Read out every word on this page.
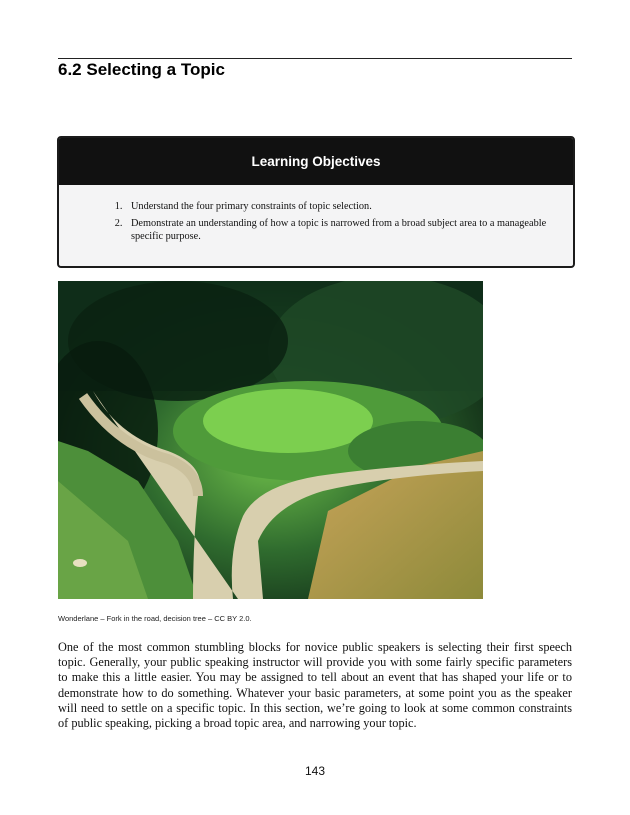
6.2 Selecting a Topic
Learning Objectives
1. Understand the four primary constraints of topic selection.
2. Demonstrate an understanding of how a topic is narrowed from a broad subject area to a manageable specific purpose.
Wonderlane – Fork in the road, decision tree – CC BY 2.0.

One of the most common stumbling blocks for novice public speakers is selecting their first speech topic. Generally, your public speaking instructor will provide you with some fairly specific parameters to make this a little easier. You may be assigned to tell about an event that has shaped your life or to demonstrate how to do something. Whatever your basic parameters, at some point you as the speaker will need to settle on a specific topic. In this section, we’re going to look at some common constraints of public speaking, picking a broad topic area, and narrowing your topic.

143
